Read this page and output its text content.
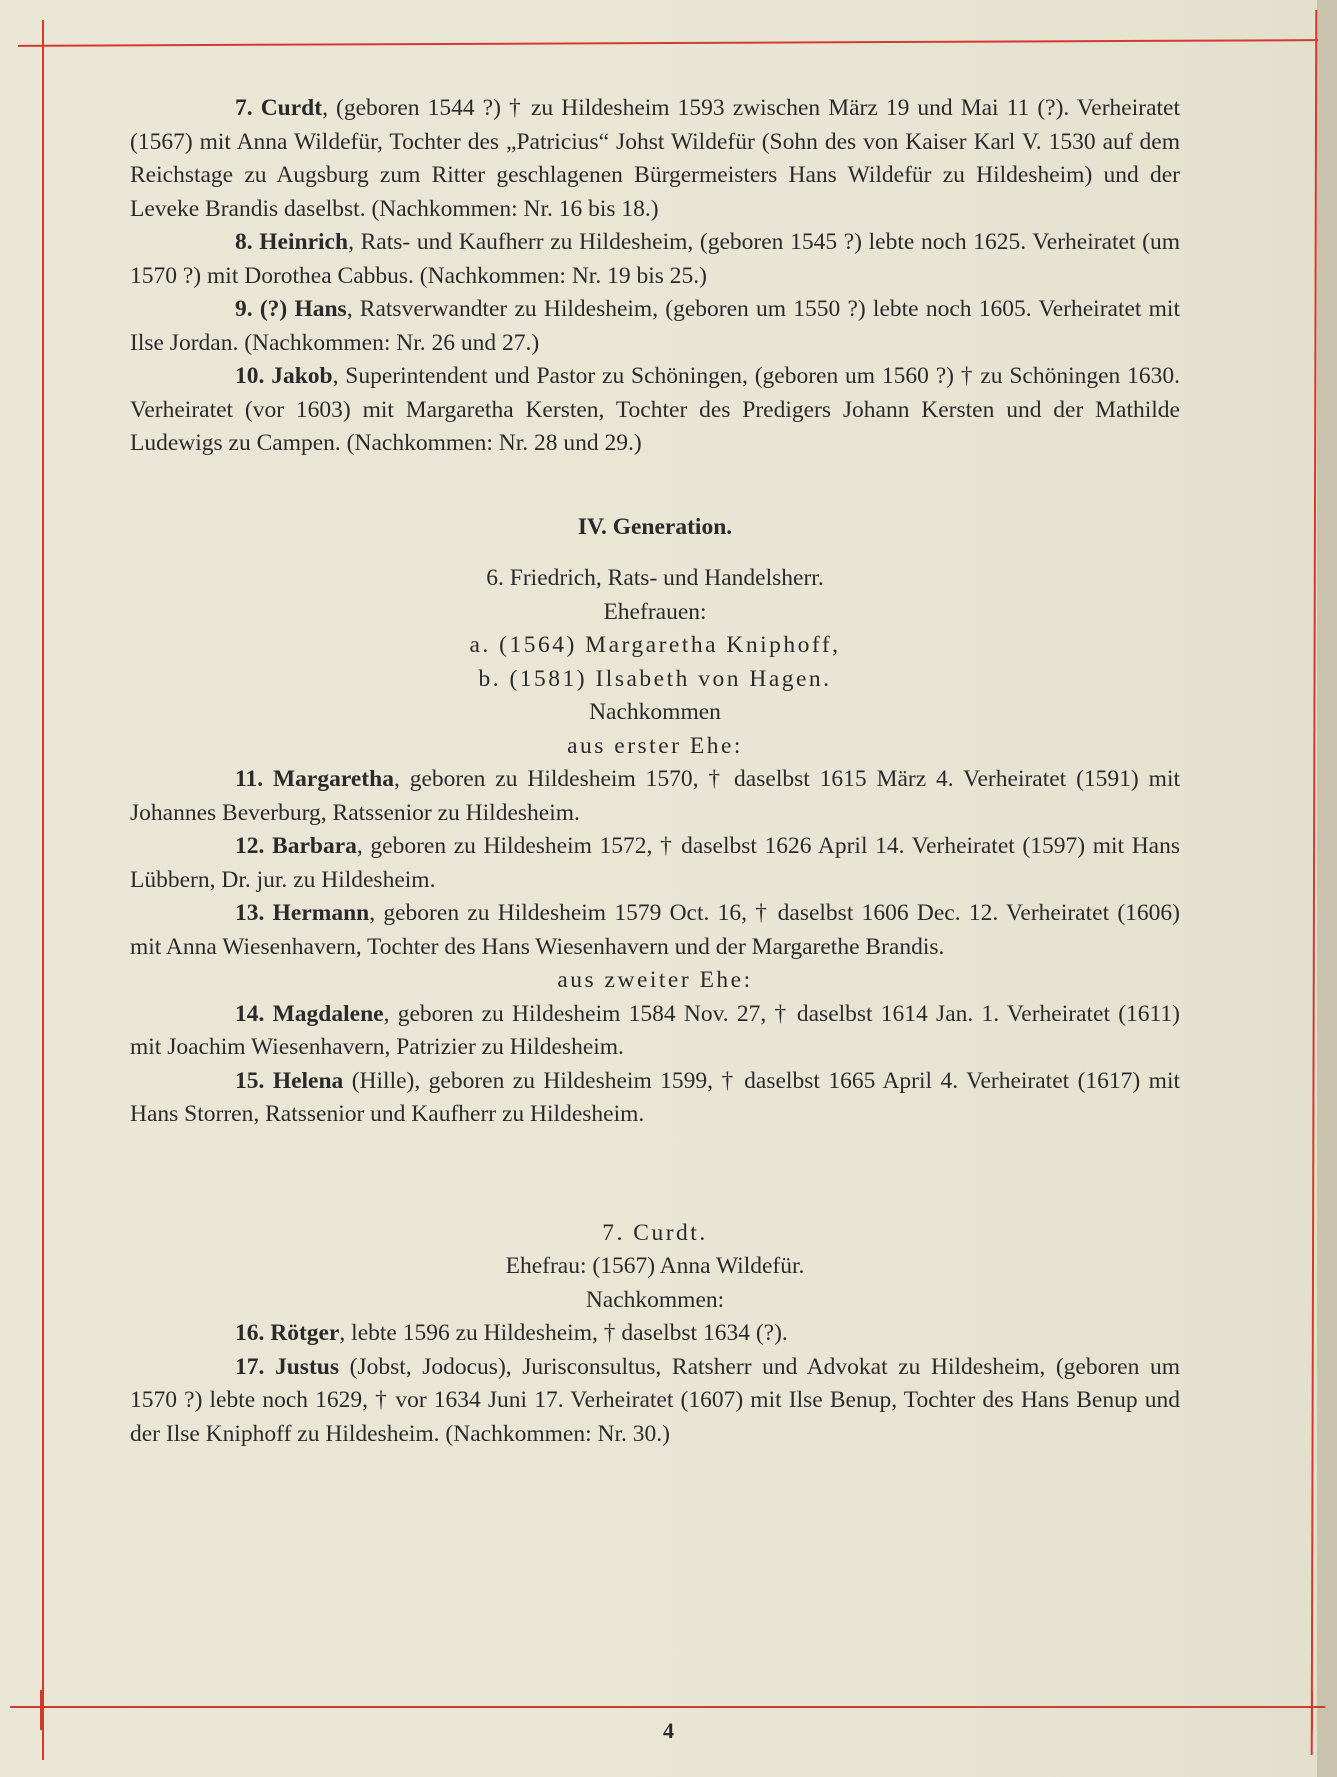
7. Curdt, (geboren 1544 ?) † zu Hildesheim 1593 zwischen März 19 und Mai 11 (?). Verheiratet (1567) mit Anna Wildefür, Tochter des „Patricius“ Johst Wildefür (Sohn des von Kaiser Karl V. 1530 auf dem Reichstage zu Augsburg zum Ritter geschlagenen Bürgermeisters Hans Wildefür zu Hildesheim) und der Leveke Brandis daselbst. (Nachkommen: Nr. 16 bis 18.)

8. Heinrich, Rats- und Kaufherr zu Hildesheim, (geboren 1545 ?) lebte noch 1625. Verheiratet (um 1570 ?) mit Dorothea Cabbus. (Nachkommen: Nr. 19 bis 25.)

9. (?) Hans, Ratsverwandter zu Hildesheim, (geboren um 1550 ?) lebte noch 1605. Verheiratet mit Ilse Jordan. (Nachkommen: Nr. 26 und 27.)

10. Jakob, Superintendent und Pastor zu Schöningen, (geboren um 1560 ?) † zu Schöningen 1630. Verheiratet (vor 1603) mit Margaretha Kersten, Tochter des Predigers Johann Kersten und der Mathilde Ludewigs zu Campen. (Nachkommen: Nr. 28 und 29.)

IV. Generation.

6. Friedrich, Rats- und Handelsherr.

Ehefrauen:

a. (1564) Margaretha Kniphoff,

b. (1581) Ilsabeth von Hagen.

Nachkommen

aus erster Ehe:

11. Margaretha, geboren zu Hildesheim 1570, † daselbst 1615 März 4. Verheiratet (1591) mit Johannes Beverburg, Ratssenior zu Hildesheim.

12. Barbara, geboren zu Hildesheim 1572, † daselbst 1626 April 14. Verheiratet (1597) mit Hans Lübbern, Dr. jur. zu Hildesheim.

13. Hermann, geboren zu Hildesheim 1579 Oct. 16, † daselbst 1606 Dec. 12. Verheiratet (1606) mit Anna Wiesenhavern, Tochter des Hans Wiesenhavern und der Margarethe Brandis.

aus zweiter Ehe:

14. Magdalene, geboren zu Hildesheim 1584 Nov. 27, † daselbst 1614 Jan. 1. Verheiratet (1611) mit Joachim Wiesenhavern, Patrizier zu Hildesheim.

15. Helena (Hille), geboren zu Hildesheim 1599, † daselbst 1665 April 4. Verheiratet (1617) mit Hans Storren, Ratssenior und Kaufherr zu Hildesheim.

7. Curdt.

Ehefrau: (1567) Anna Wildefür.

Nachkommen:

16. Rötger, lebte 1596 zu Hildesheim, † daselbst 1634 (?).

17. Justus (Jobst, Jodocus), Jurisconsultus, Ratsherr und Advokat zu Hildesheim, (geboren um 1570 ?) lebte noch 1629, † vor 1634 Juni 17. Verheiratet (1607) mit Ilse Benup, Tochter des Hans Benup und der Ilse Kniphoff zu Hildesheim. (Nachkommen: Nr. 30.)

4
